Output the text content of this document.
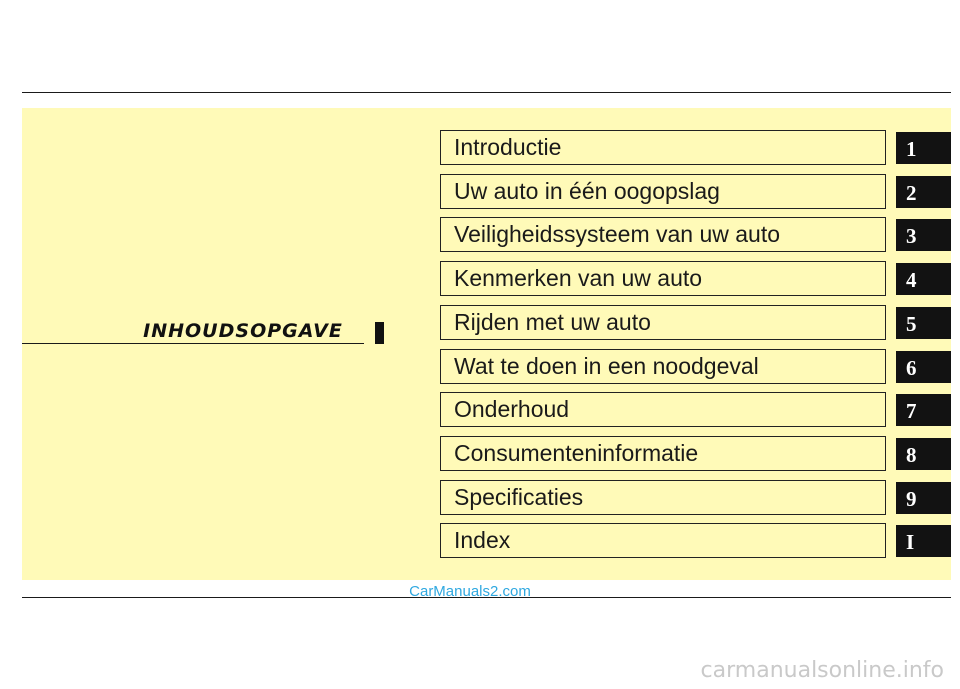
INHOUDSOPGAVE
Introductie	1
Uw auto in één oogopslag	2
Veiligheidssysteem van uw auto	3
Kenmerken van uw auto	4
Rijden met uw auto	5
Wat te doen in een noodgeval	6
Onderhoud	7
Consumenteninformatie	8
Specificaties	9
Index	I
CarManuals2.com
carmanualsonline.info
